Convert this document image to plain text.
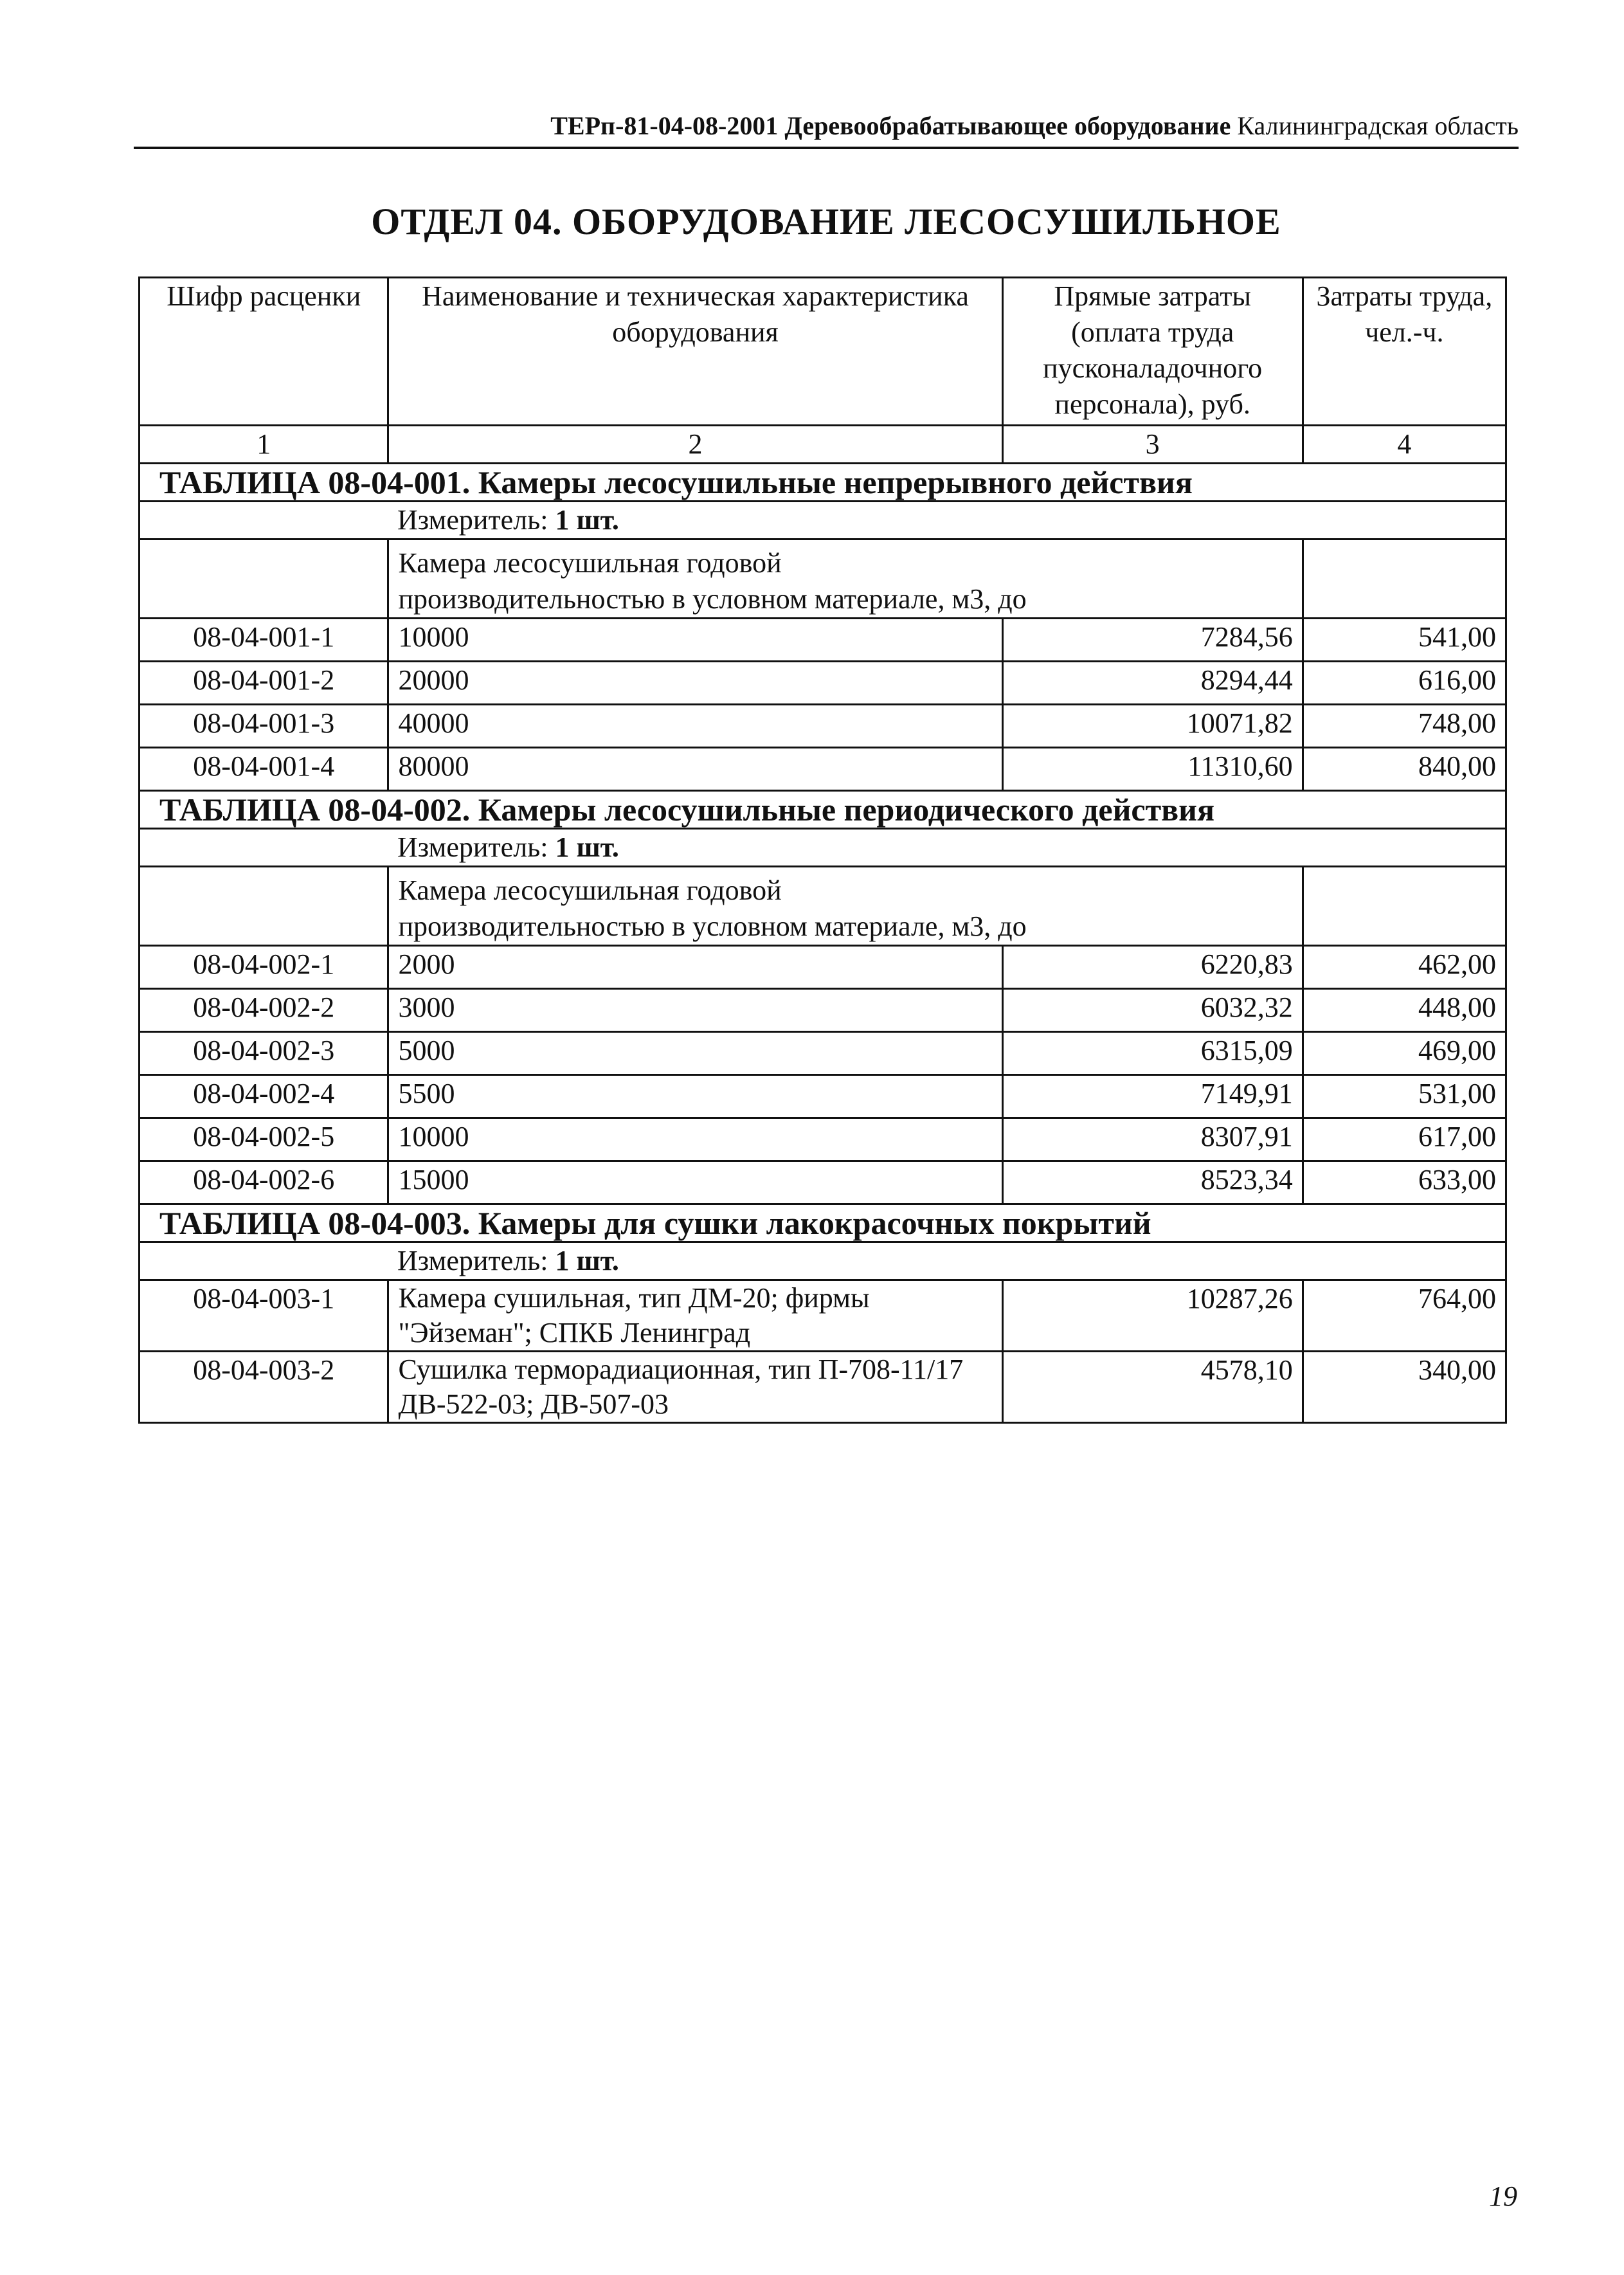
ТЕРп-81-04-08-2001 Деревообрабатывающее оборудование Калининградская область
ОТДЕЛ 04. ОБОРУДОВАНИЕ ЛЕСОСУШИЛЬНОЕ
Шифр расценки	Наименование и техническая характеристика оборудования	Прямые затраты (оплата труда пусконаладочного персонала), руб.	Затраты труда, чел.-ч.
1	2	3	4
ТАБЛИЦА 08-04-001. Камеры лесосушильные непрерывного действия			
Измеритель: 1 шт.			
	Камера лесосушильная годовой производительностью в условном материале, м3, до		
08-04-001-1	10000	7284,56	541,00
08-04-001-2	20000	8294,44	616,00
08-04-001-3	40000	10071,82	748,00
08-04-001-4	80000	11310,60	840,00
ТАБЛИЦА 08-04-002. Камеры лесосушильные периодического действия			
Измеритель: 1 шт.			
	Камера лесосушильная годовой производительностью в условном материале, м3, до		
08-04-002-1	2000	6220,83	462,00
08-04-002-2	3000	6032,32	448,00
08-04-002-3	5000	6315,09	469,00
08-04-002-4	5500	7149,91	531,00
08-04-002-5	10000	8307,91	617,00
08-04-002-6	15000	8523,34	633,00
ТАБЛИЦА 08-04-003. Камеры для сушки лакокрасочных покрытий			
Измеритель: 1 шт.			
08-04-003-1	Камера сушильная, тип ДМ-20; фирмы "Эйземан"; СПКБ Ленинград	10287,26	764,00
08-04-003-2	Сушилка терморадиационная, тип П-708-11/17 ДВ-522-03; ДВ-507-03	4578,10	340,00
19
